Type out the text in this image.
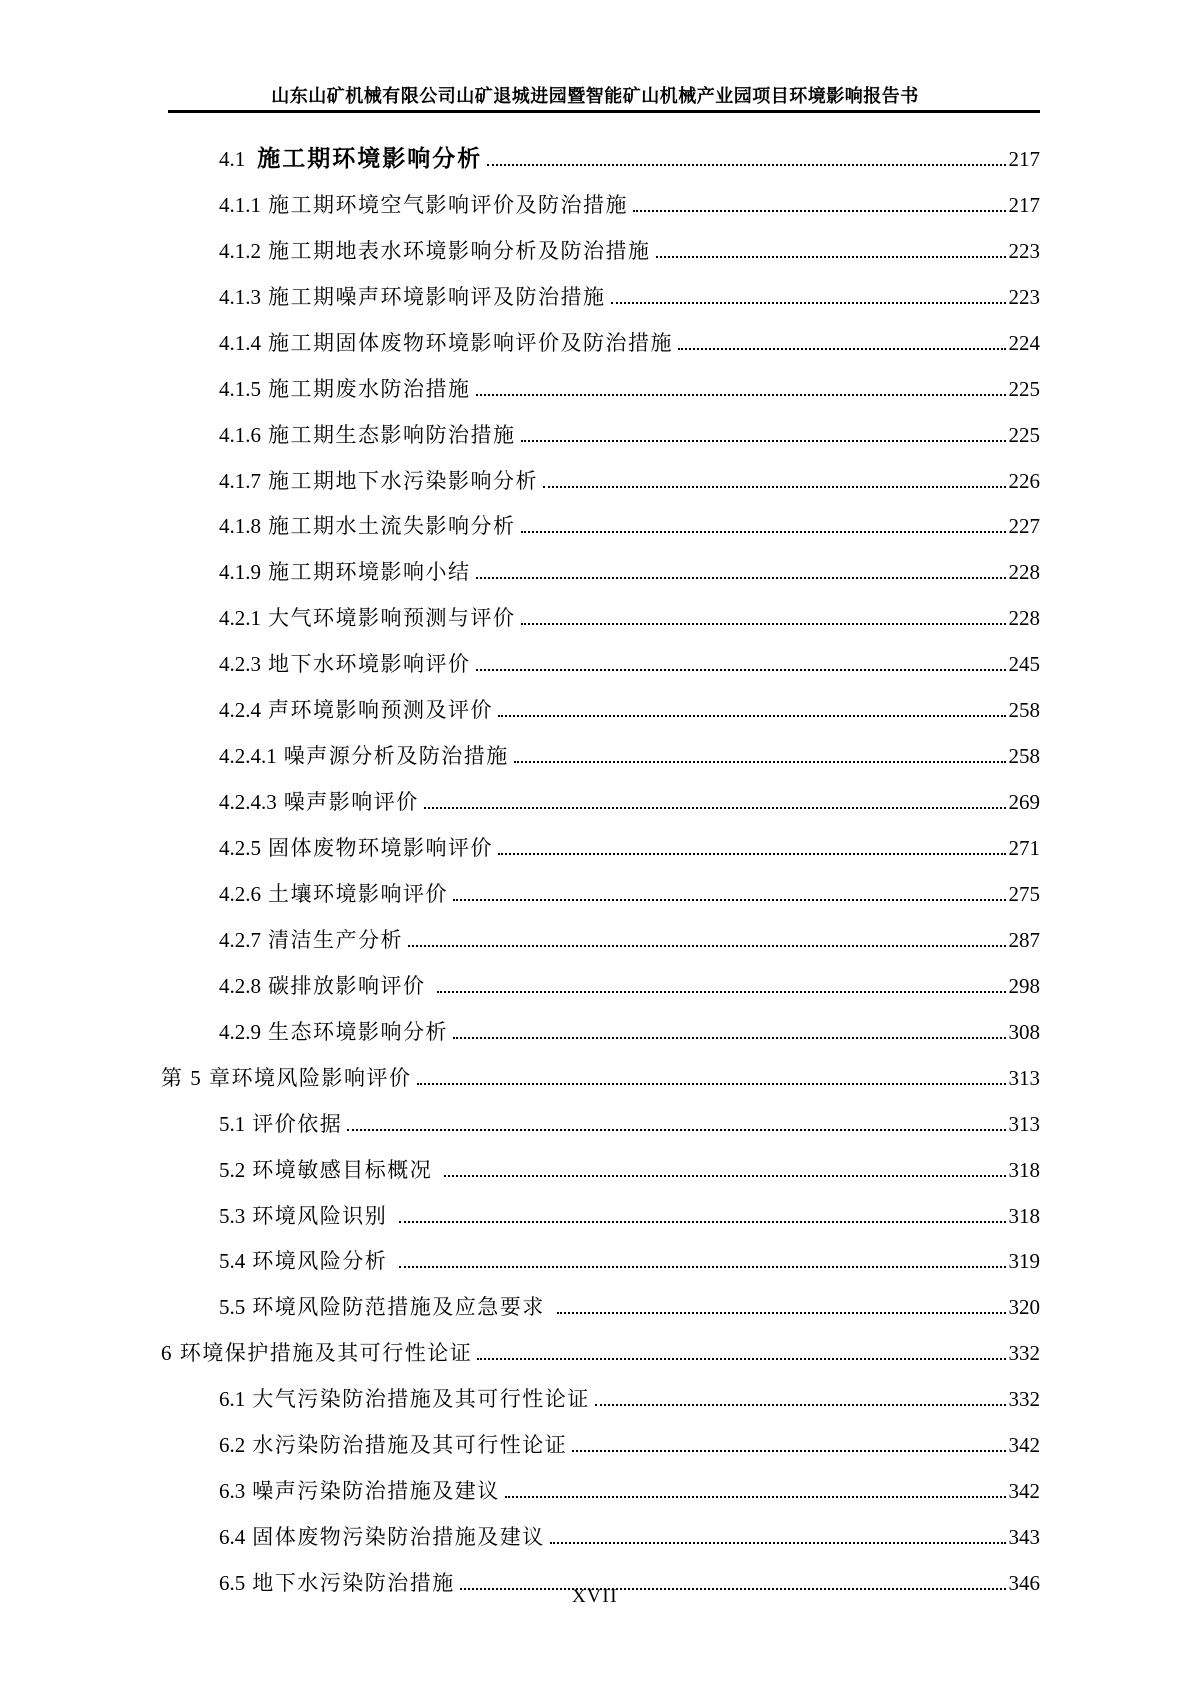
山东山矿机械有限公司山矿退城进园暨智能矿山机械产业园项目环境影响报告书
4.1 施工期环境影响分析	217
4.1.1 施工期环境空气影响评价及防治措施	217
4.1.2 施工期地表水环境影响分析及防治措施	223
4.1.3 施工期噪声环境影响评及防治措施	223
4.1.4 施工期固体废物环境影响评价及防治措施	224
4.1.5 施工期废水防治措施	225
4.1.6 施工期生态影响防治措施	225
4.1.7 施工期地下水污染影响分析	226
4.1.8 施工期水土流失影响分析	227
4.1.9 施工期环境影响小结	228
4.2.1 大气环境影响预测与评价	228
4.2.3 地下水环境影响评价	245
4.2.4 声环境影响预测及评价	258
4.2.4.1 噪声源分析及防治措施	258
4.2.4.3 噪声影响评价	269
4.2.5 固体废物环境影响评价	271
4.2.6 土壤环境影响评价	275
4.2.7 清洁生产分析	287
4.2.8 碳排放影响评价	298
4.2.9 生态环境影响分析	308
第 5 章环境风险影响评价	313
5.1 评价依据	313
5.2 环境敏感目标概况	318
5.3 环境风险识别	318
5.4 环境风险分析	319
5.5 环境风险防范措施及应急要求	320
6 环境保护措施及其可行性论证	332
6.1 大气污染防治措施及其可行性论证	332
6.2 水污染防治措施及其可行性论证	342
6.3 噪声污染防治措施及建议	342
6.4 固体废物污染防治措施及建议	343
6.5 地下水污染防治措施	346
XVII
